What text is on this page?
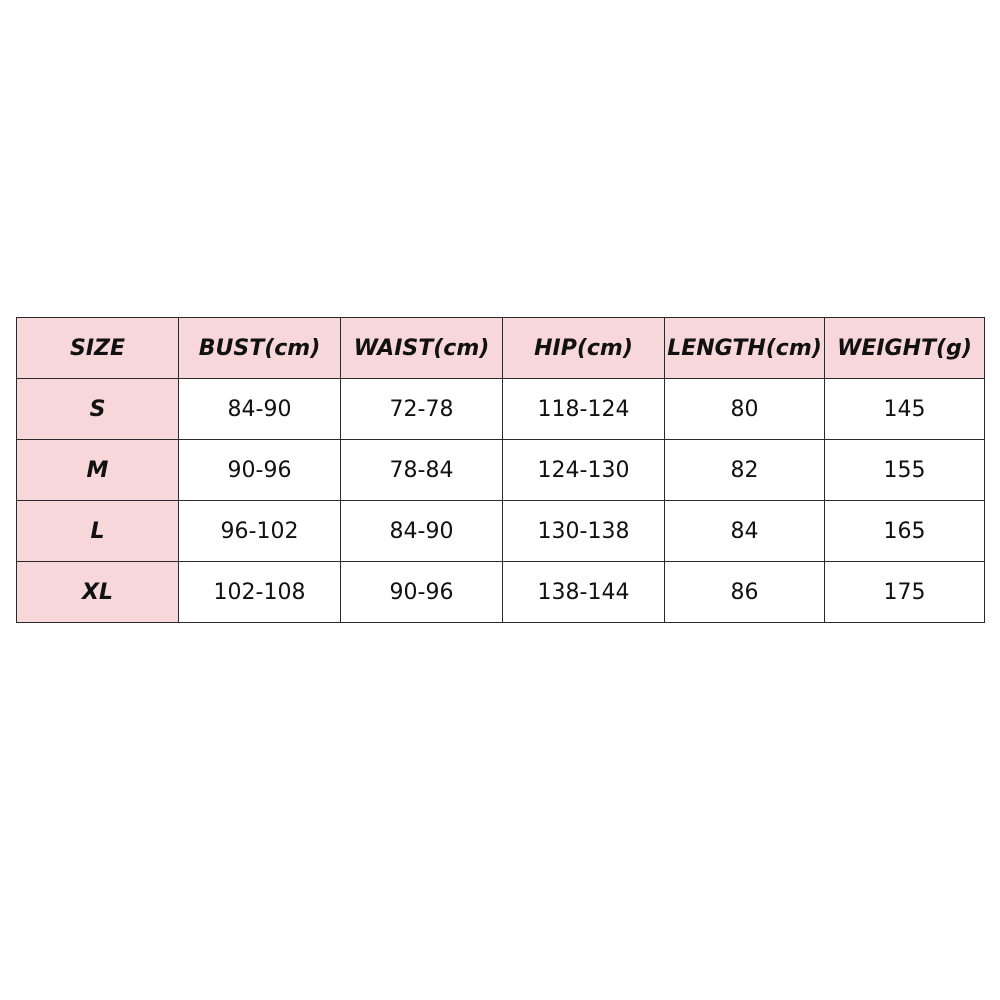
SIZE	BUST(cm)	WAIST(cm)	HIP(cm)	LENGTH(cm)	WEIGHT(g)
S	84-90	72-78	118-124	80	145
M	90-96	78-84	124-130	82	155
L	96-102	84-90	130-138	84	165
XL	102-108	90-96	138-144	86	175
